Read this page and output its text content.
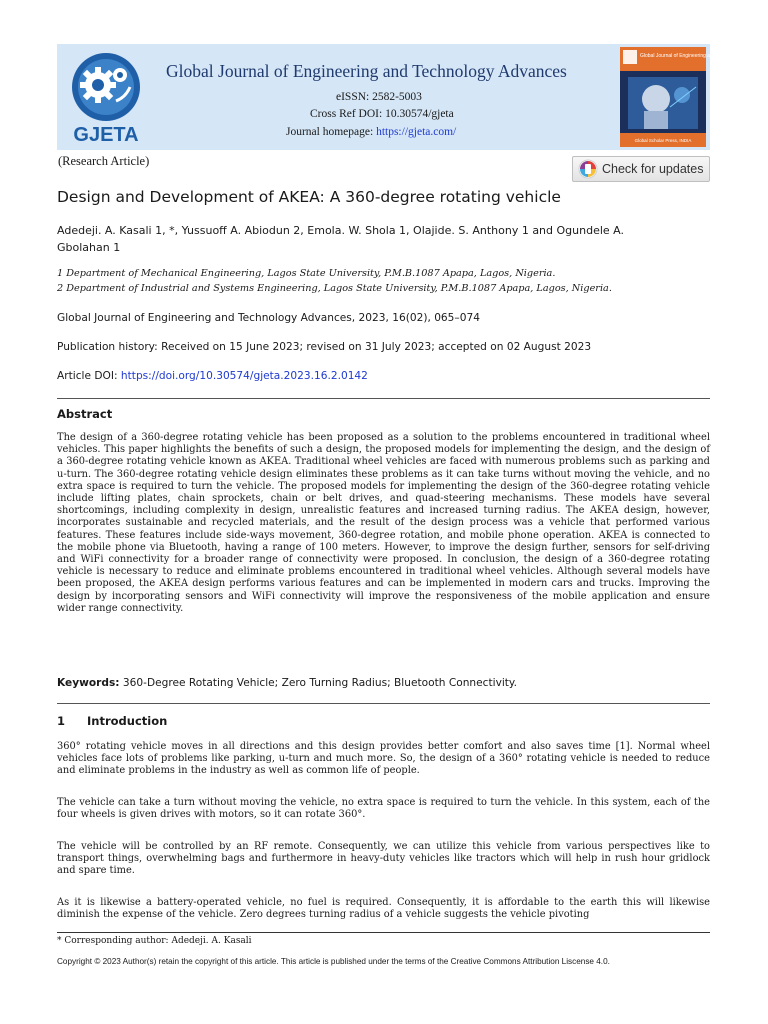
GJETA
Global Journal of Engineering and Technology Advances
eISSN: 2582-5003
Cross Ref DOI: 10.30574/gjeta
Journal homepage: https://gjeta.com/
Global Journal of Engineering and Technology Advances
Global Scholar Press, INDIA
(Research Article)
Check for updates
Design and Development of AKEA: A 360-degree rotating vehicle
Adedeji. A. Kasali 1, *, Yussuoff A. Abiodun 2, Emola. W. Shola 1, Olajide. S. Anthony 1 and Ogundele A. Gbolahan 1
1 Department of Mechanical Engineering, Lagos State University, P.M.B.1087 Apapa, Lagos, Nigeria.
2 Department of Industrial and Systems Engineering, Lagos State University, P.M.B.1087 Apapa, Lagos, Nigeria.
Global Journal of Engineering and Technology Advances, 2023, 16(02), 065–074
Publication history: Received on 15 June 2023; revised on 31 July 2023; accepted on 02 August 2023
Article DOI: https://doi.org/10.30574/gjeta.2023.16.2.0142
Abstract
The design of a 360-degree rotating vehicle has been proposed as a solution to the problems encountered in traditional wheel vehicles. This paper highlights the benefits of such a design, the proposed models for implementing the design, and the design of a 360-degree rotating vehicle known as AKEA. Traditional wheel vehicles are faced with numerous problems such as parking and u-turn. The 360-degree rotating vehicle design eliminates these problems as it can take turns without moving the vehicle, and no extra space is required to turn the vehicle. The proposed models for implementing the design of the 360-degree rotating vehicle include lifting plates, chain sprockets, chain or belt drives, and quad-steering mechanisms. These models have several shortcomings, including complexity in design, unrealistic features and increased turning radius. The AKEA design, however, incorporates sustainable and recycled materials, and the result of the design process was a vehicle that performed various features. These features include side-ways movement, 360-degree rotation, and mobile phone operation. AKEA is connected to the mobile phone via Bluetooth, having a range of 100 meters. However, to improve the design further, sensors for self-driving and WiFi connectivity for a broader range of connectivity were proposed. In conclusion, the design of a 360-degree rotating vehicle is necessary to reduce and eliminate problems encountered in traditional wheel vehicles. Although several models have been proposed, the AKEA design performs various features and can be implemented in modern cars and trucks. Improving the design by incorporating sensors and WiFi connectivity will improve the responsiveness of the mobile application and ensure wider range connectivity.
Keywords: 360-Degree Rotating Vehicle; Zero Turning Radius; Bluetooth Connectivity.
1 Introduction
360° rotating vehicle moves in all directions and this design provides better comfort and also saves time [1]. Normal wheel vehicles face lots of problems like parking, u-turn and much more. So, the design of a 360° rotating vehicle is needed to reduce and eliminate problems in the industry as well as common life of people.
The vehicle can take a turn without moving the vehicle, no extra space is required to turn the vehicle. In this system, each of the four wheels is given drives with motors, so it can rotate 360°.
The vehicle will be controlled by an RF remote. Consequently, we can utilize this vehicle from various perspectives like to transport things, overwhelming bags and furthermore in heavy-duty vehicles like tractors which will help in rush hour gridlock and spare time.
As it is likewise a battery-operated vehicle, no fuel is required. Consequently, it is affordable to the earth this will likewise diminish the expense of the vehicle. Zero degrees turning radius of a vehicle suggests the vehicle pivoting
* Corresponding author: Adedeji. A. Kasali
Copyright © 2023 Author(s) retain the copyright of this article. This article is published under the terms of the Creative Commons Attribution Liscense 4.0.
